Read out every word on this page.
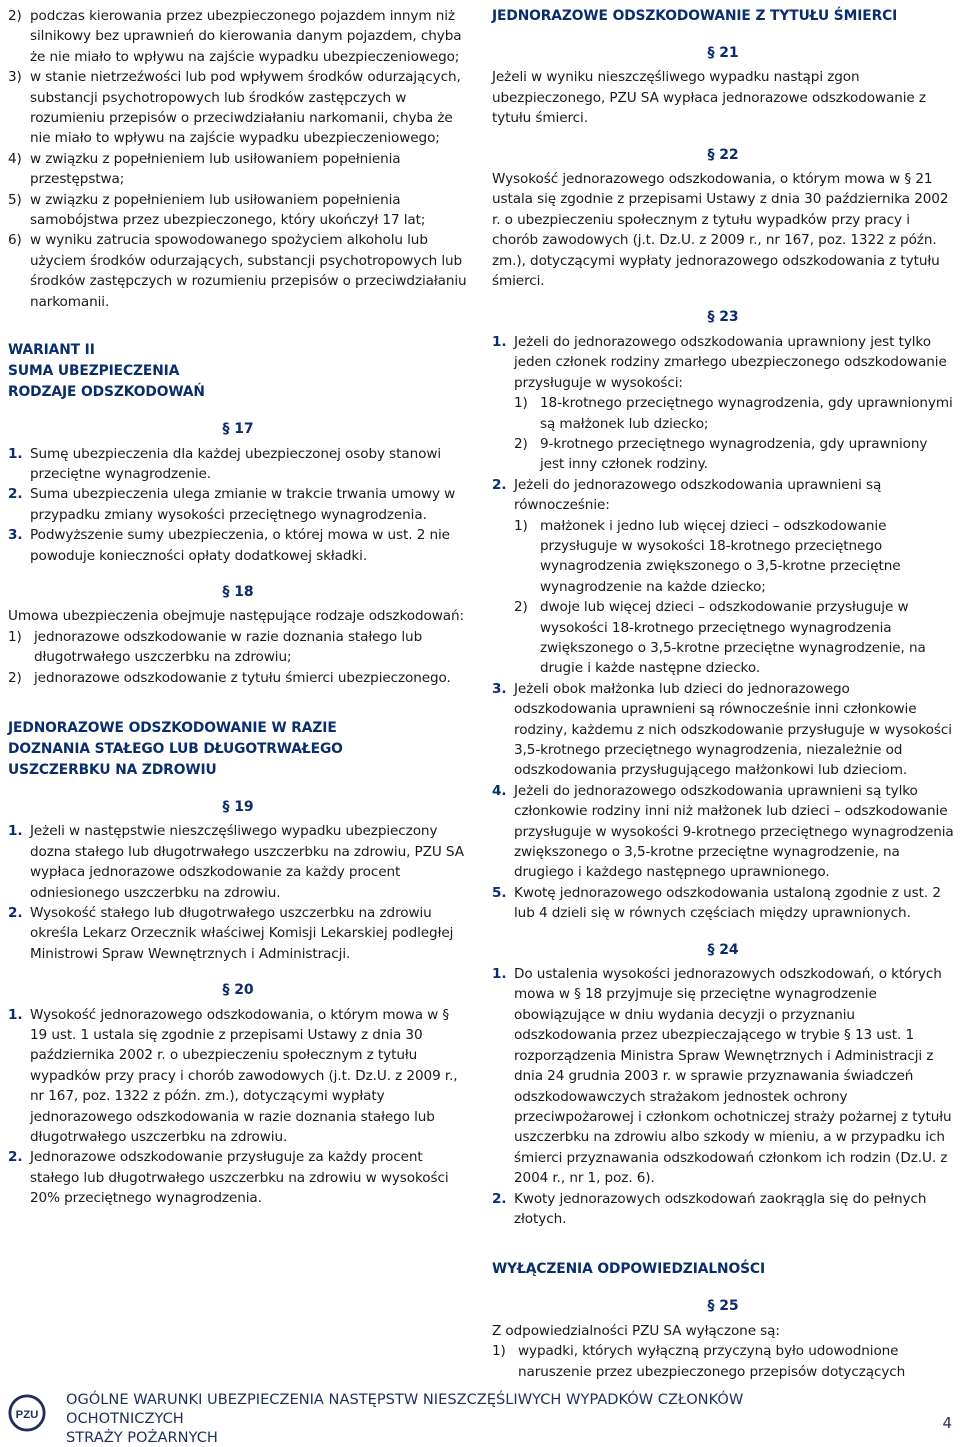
2) podczas kierowania przez ubezpieczonego pojazdem innym niż silnikowy bez uprawnień do kierowania danym pojazdem, chyba że nie miało to wpływu na zajście wypadku ubezpieczeniowego;
3) w stanie nietrzeźwości lub pod wpływem środków odurzających, substancji psychotropowych lub środków zastępczych w rozumieniu przepisów o przeciwdziałaniu narkomanii, chyba że nie miało to wpływu na zajście wypadku ubezpieczeniowego;
4) w związku z popełnieniem lub usiłowaniem popełnienia przestępstwa;
5) w związku z popełnieniem lub usiłowaniem popełnienia samobójstwa przez ubezpieczonego, który ukończył 17 lat;
6) w wyniku zatrucia spowodowanego spożyciem alkoholu lub użyciem środków odurzających, substancji psychotropowych lub środków zastępczych w rozumieniu przepisów o przeciwdziałaniu narkomanii.
WARIANT II
SUMA UBEZPIECZENIA
RODZAJE ODSZKODOWAŃ
§ 17
1. Sumę ubezpieczenia dla każdej ubezpieczonej osoby stanowi przeciętne wynagrodzenie.
2. Suma ubezpieczenia ulega zmianie w trakcie trwania umowy w przypadku zmiany wysokości przeciętnego wynagrodzenia.
3. Podwyższenie sumy ubezpieczenia, o której mowa w ust. 2 nie powoduje konieczności opłaty dodatkowej składki.
§ 18
Umowa ubezpieczenia obejmuje następujące rodzaje odszkodowań:
1) jednorazowe odszkodowanie w razie doznania stałego lub długotrwałego uszczerbku na zdrowiu;
2) jednorazowe odszkodowanie z tytułu śmierci ubezpieczonego.
JEDNORAZOWE ODSZKODOWANIE W RAZIE
DOZNANIA STAŁEGO LUB DŁUGOTRWAŁEGO
USZCZERBKU NA ZDROWIU
§ 19
1. Jeżeli w następstwie nieszczęśliwego wypadku ubezpieczony dozna stałego lub długotrwałego uszczerbku na zdrowiu, PZU SA wypłaca jednorazowe odszkodowanie za każdy procent odniesionego uszczerbku na zdrowiu.
2. Wysokość stałego lub długotrwałego uszczerbku na zdrowiu określa Lekarz Orzecznik właściwej Komisji Lekarskiej podległej Ministrowi Spraw Wewnętrznych i Administracji.
§ 20
1. Wysokość jednorazowego odszkodowania, o którym mowa w § 19 ust. 1 ustala się zgodnie z przepisami Ustawy z dnia 30 października 2002 r. o ubezpieczeniu społecznym z tytułu wypadków przy pracy i chorób zawodowych (j.t. Dz.U. z 2009 r., nr 167, poz. 1322 z późn. zm.), dotyczącymi wypłaty jednorazowego odszkodowania w razie doznania stałego lub długotrwałego uszczerbku na zdrowiu.
2. Jednorazowe odszkodowanie przysługuje za każdy procent stałego lub długotrwałego uszczerbku na zdrowiu w wysokości 20% przeciętnego wynagrodzenia.
JEDNORAZOWE ODSZKODOWANIE Z TYTUŁU ŚMIERCI
§ 21
Jeżeli w wyniku nieszczęśliwego wypadku nastąpi zgon ubezpieczonego, PZU SA wypłaca jednorazowe odszkodowanie z tytułu śmierci.
§ 22
Wysokość jednorazowego odszkodowania, o którym mowa w § 21 ustala się zgodnie z przepisami Ustawy z dnia 30 października 2002 r. o ubezpieczeniu społecznym z tytułu wypadków przy pracy i chorób zawodowych (j.t. Dz.U. z 2009 r., nr 167, poz. 1322 z późn. zm.), dotyczącymi wypłaty jednorazowego odszkodowania z tytułu śmierci.
§ 23
1. Jeżeli do jednorazowego odszkodowania uprawniony jest tylko jeden członek rodziny zmarłego ubezpieczonego odszkodowanie przysługuje w wysokości:
1) 18-krotnego przeciętnego wynagrodzenia, gdy uprawnionymi są małżonek lub dziecko;
2) 9-krotnego przeciętnego wynagrodzenia, gdy uprawniony jest inny członek rodziny.
2. Jeżeli do jednorazowego odszkodowania uprawnieni są równocześnie:
1) małżonek i jedno lub więcej dzieci – odszkodowanie przysługuje w wysokości 18-krotnego przeciętnego wynagrodzenia zwiększonego o 3,5-krotne przeciętne wynagrodzenie na każde dziecko;
2) dwoje lub więcej dzieci – odszkodowanie przysługuje w wysokości 18-krotnego przeciętnego wynagrodzenia zwiększonego o 3,5-krotne przeciętne wynagrodzenie, na drugie i każde następne dziecko.
3. Jeżeli obok małżonka lub dzieci do jednorazowego odszkodowania uprawnieni są równocześnie inni członkowie rodziny, każdemu z nich odszkodowanie przysługuje w wysokości 3,5-krotnego przeciętnego wynagrodzenia, niezależnie od odszkodowania przysługującego małżonkowi lub dzieciom.
4. Jeżeli do jednorazowego odszkodowania uprawnieni są tylko członkowie rodziny inni niż małżonek lub dzieci – odszkodowanie przysługuje w wysokości 9-krotnego przeciętnego wynagrodzenia zwiększonego o 3,5-krotne przeciętne wynagrodzenie, na drugiego i każdego następnego uprawnionego.
5. Kwotę jednorazowego odszkodowania ustaloną zgodnie z ust. 2 lub 4 dzieli się w równych częściach między uprawnionych.
§ 24
1. Do ustalenia wysokości jednorazowych odszkodowań, o których mowa w § 18 przyjmuje się przeciętne wynagrodzenie obowiązujące w dniu wydania decyzji o przyznaniu odszkodowania przez ubezpieczającego w trybie § 13 ust. 1 rozporządzenia Ministra Spraw Wewnętrznych i Administracji z dnia 24 grudnia 2003 r. w sprawie przyznawania świadczeń odszkodowawczych strażakom jednostek ochrony przeciwpożarowej i członkom ochotniczej straży pożarnej z tytułu uszczerbku na zdrowiu albo szkody w mieniu, a w przypadku ich śmierci przyznawania odszkodowań członkom ich rodzin (Dz.U. z 2004 r., nr 1, poz. 6).
2. Kwoty jednorazowych odszkodowań zaokrągla się do pełnych złotych.
WYŁĄCZENIA ODPOWIEDZIALNOŚCI
§ 25
Z odpowiedzialności PZU SA wyłączone są:
1) wypadki, których wyłączną przyczyną było udowodnione naruszenie przez ubezpieczonego przepisów dotyczących
PZU
OGÓLNE WARUNKI UBEZPIECZENIA NASTĘPSTW NIESZCZĘŚLIWYCH WYPADKÓW CZŁONKÓW OCHOTNICZYCH
STRAŻY POŻARNYCH
4
